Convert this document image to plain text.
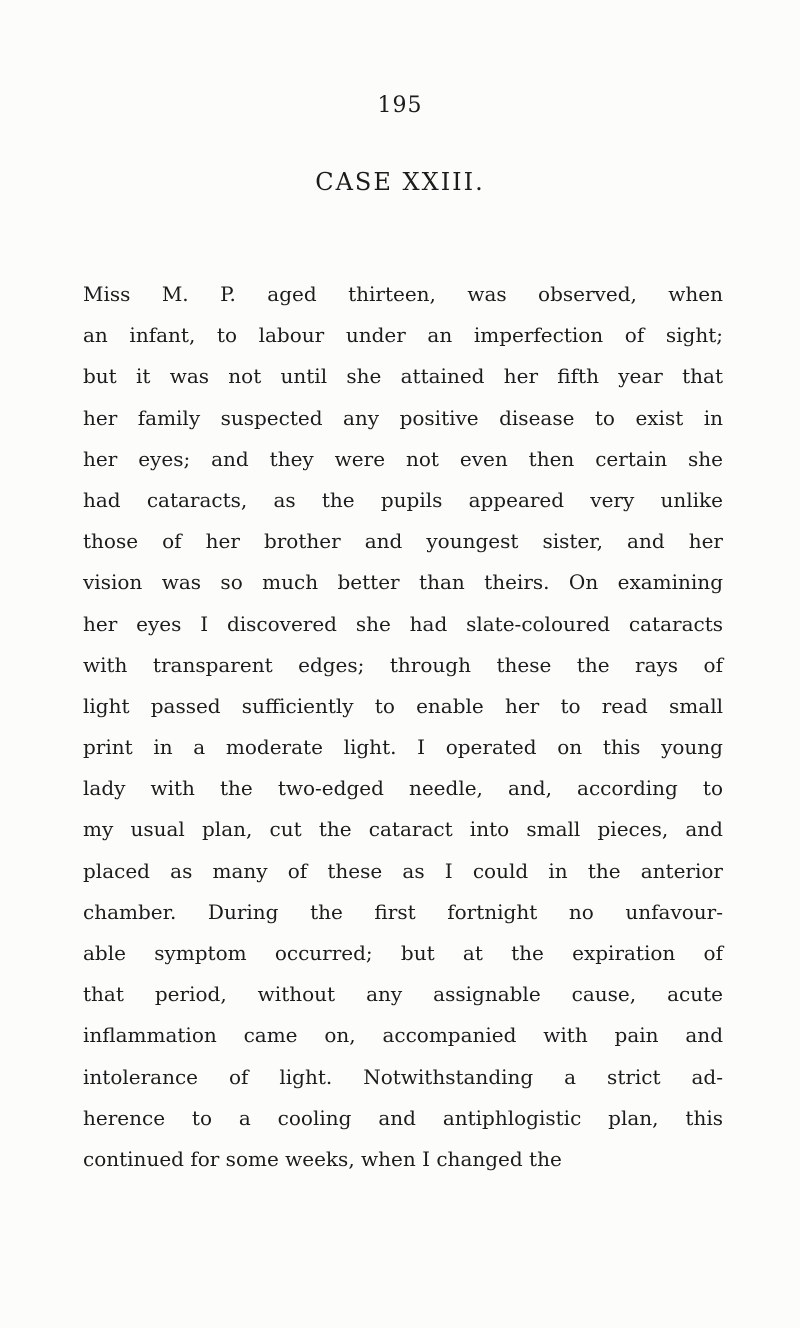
195
CASE XXIII.
Miss M. P. aged thirteen, was observed, when
an infant, to labour under an imperfection of sight;
but it was not until she attained her fifth year that
her family suspected any positive disease to exist in
her eyes; and they were not even then certain she
had cataracts, as the pupils appeared very unlike
those of her brother and youngest sister, and her
vision was so much better than theirs. On examining
her eyes I discovered she had slate-coloured cataracts
with transparent edges; through these the rays of
light passed sufficiently to enable her to read small
print in a moderate light. I operated on this young
lady with the two-edged needle, and, according to
my usual plan, cut the cataract into small pieces, and
placed as many of these as I could in the anterior
chamber. During the first fortnight no unfavour-
able symptom occurred; but at the expiration of
that period, without any assignable cause, acute
inflammation came on, accompanied with pain and
intolerance of light. Notwithstanding a strict ad-
herence to a cooling and antiphlogistic plan, this
continued for some weeks, when I changed the
